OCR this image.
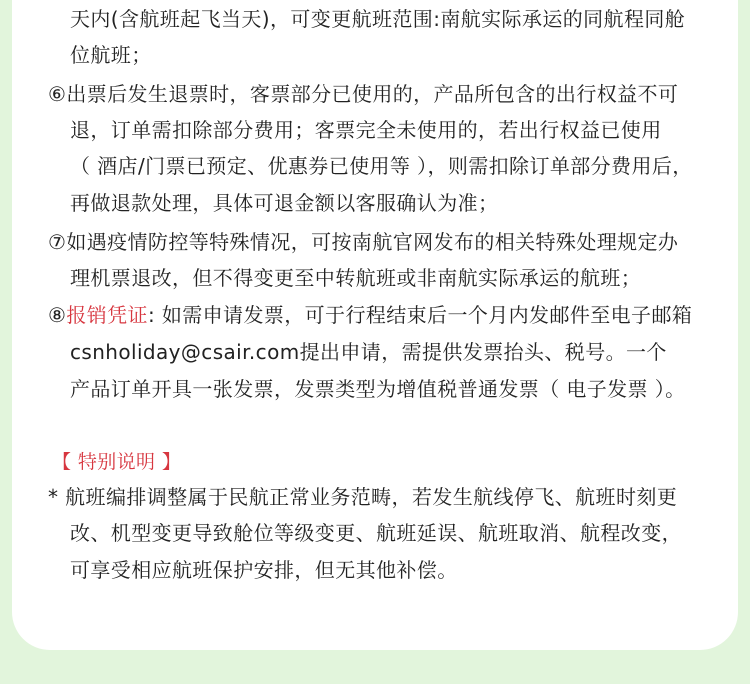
天内(含航班起飞当天)，可变更航班范围:南航实际承运的同航程同舱
位航班；
⑥出票后发生退票时，客票部分已使用的，产品所包含的出行权益不可
退，订单需扣除部分费用；客票完全未使用的，若出行权益已使用
（ 酒店/门票已预定、优惠券已使用等 ），则需扣除订单部分费用后，
再做退款处理，具体可退金额以客服确认为准；
⑦如遇疫情防控等特殊情况，可按南航官网发布的相关特殊处理规定办
理机票退改，但不得变更至中转航班或非南航实际承运的航班；
⑧报销凭证: 如需申请发票，可于行程结束后一个月内发邮件至电子邮箱
csnholiday@csair.com提出申请，需提供发票抬头、税号。一个
产品订单开具一张发票，发票类型为增值税普通发票（ 电子发票 ）。
【 特别说明 】
* 航班编排调整属于民航正常业务范畴，若发生航线停飞、航班时刻更
改、机型变更导致舱位等级变更、航班延误、航班取消、航程改变，
可享受相应航班保护安排，但无其他补偿。
